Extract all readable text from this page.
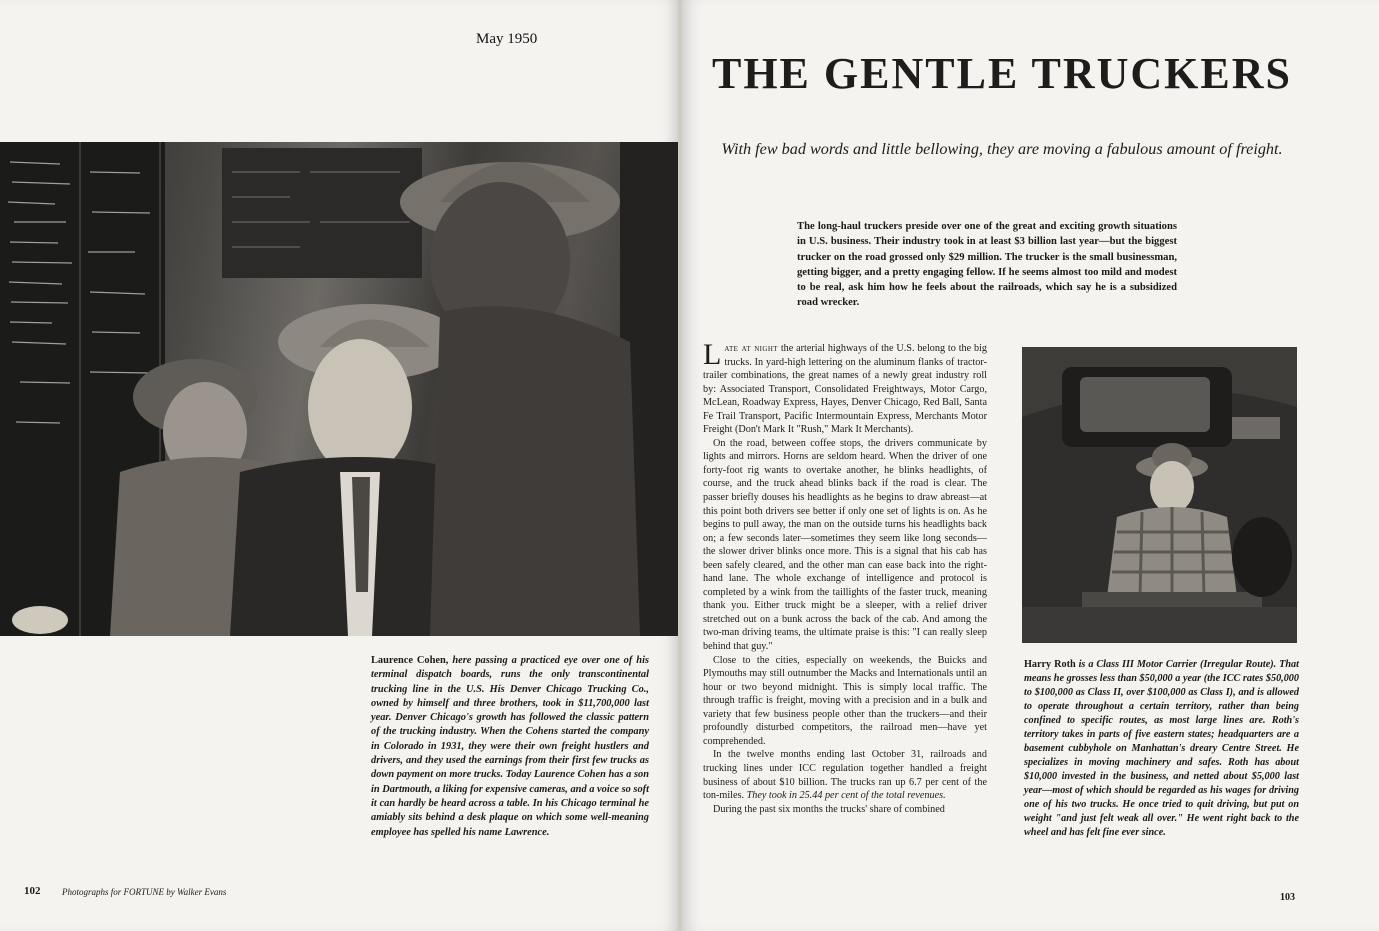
May 1950
Laurence Cohen, here passing a practiced eye over one of his terminal dispatch boards, runs the only transcontinental trucking line in the U.S. His Denver Chicago Trucking Co., owned by himself and three brothers, took in $11,700,000 last year. Denver Chicago's growth has followed the classic pattern of the trucking industry. When the Cohens started the company in Colorado in 1931, they were their own freight hustlers and drivers, and they used the earnings from their first few trucks as down payment on more trucks. Today Laurence Cohen has a son in Dartmouth, a liking for expensive cameras, and a voice so soft it can hardly be heard across a table. In his Chicago terminal he amiably sits behind a desk plaque on which some well-meaning employee has spelled his name Lawrence.
102 Photographs for FORTUNE by Walker Evans
THE GENTLE TRUCKERS
With few bad words and little bellowing, they are moving a fabulous amount of freight.
The long-haul truckers preside over one of the great and exciting growth situations in U.S. business. Their industry took in at least $3 billion last year—but the biggest trucker on the road grossed only $29 million. The trucker is the small businessman, getting bigger, and a pretty engaging fellow. If he seems almost too mild and modest to be real, ask him how he feels about the railroads, which say he is a subsidized road wrecker.

Late at night the arterial highways of the U.S. belong to the big trucks. In yard-high lettering on the aluminum flanks of tractor-trailer combinations, the great names of a newly great industry roll by: Associated Transport, Consolidated Freightways, Motor Cargo, McLean, Roadway Express, Hayes, Denver Chicago, Red Ball, Santa Fe Trail Transport, Pacific Intermountain Express, Merchants Motor Freight (Don't Mark It "Rush," Mark It Merchants).

On the road, between coffee stops, the drivers communicate by lights and mirrors. Horns are seldom heard. When the driver of one forty-foot rig wants to overtake another, he blinks headlights, of course, and the truck ahead blinks back if the road is clear. The passer briefly douses his headlights as he begins to draw abreast—at this point both drivers see better if only one set of lights is on. As he begins to pull away, the man on the outside turns his headlights back on; a few seconds later—sometimes they seem like long seconds—the slower driver blinks once more. This is a signal that his cab has been safely cleared, and the other man can ease back into the right-hand lane. The whole exchange of intelligence and protocol is completed by a wink from the taillights of the faster truck, meaning thank you. Either truck might be a sleeper, with a relief driver stretched out on a bunk across the back of the cab. And among the two-man driving teams, the ultimate praise is this: "I can really sleep behind that guy."

Close to the cities, especially on weekends, the Buicks and Plymouths may still outnumber the Macks and Internationals until an hour or two beyond midnight. This is simply local traffic. The through traffic is freight, moving with a precision and in a bulk and variety that few business people other than the truckers—and their profoundly disturbed competitors, the railroad men—have yet comprehended.

In the twelve months ending last October 31, railroads and trucking lines under ICC regulation together handled a freight business of about $10 billion. The trucks ran up 6.7 per cent of the ton-miles. They took in 25.44 per cent of the total revenues.

During the past six months the trucks' share of combined

Harry Roth is a Class III Motor Carrier (Irregular Route). That means he grosses less than $50,000 a year (the ICC rates $50,000 to $100,000 as Class II, over $100,000 as Class I), and is allowed to operate throughout a certain territory, rather than being confined to specific routes, as most large lines are. Roth's territory takes in parts of five eastern states; headquarters are a basement cubbyhole on Manhattan's dreary Centre Street. He specializes in moving machinery and safes. Roth has about $10,000 invested in the business, and netted about $5,000 last year—most of which should be regarded as his wages for driving one of his two trucks. He once tried to quit driving, but put on weight "and just felt weak all over." He went right back to the wheel and has felt fine ever since.
103
